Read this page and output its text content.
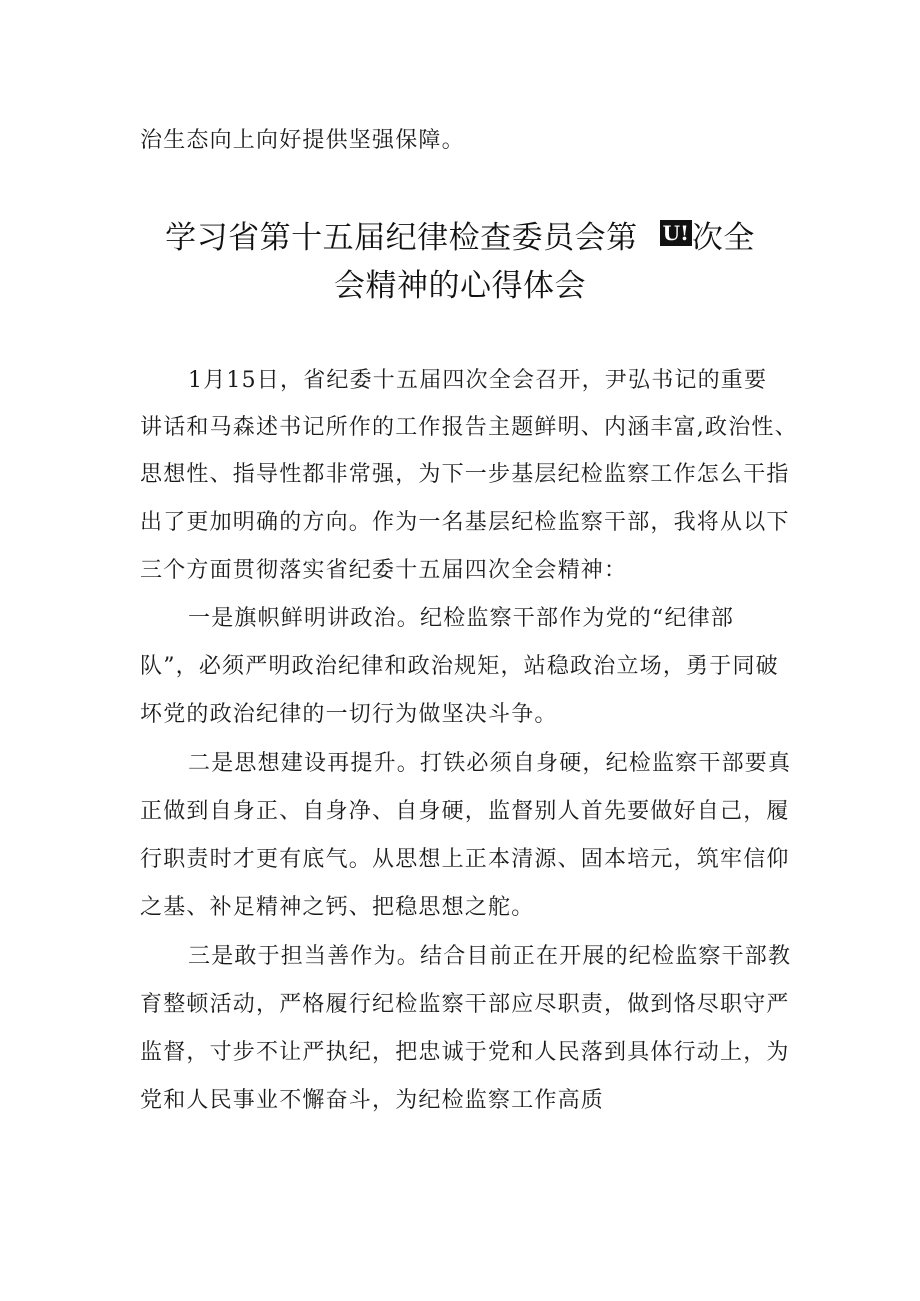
治生态向上向好提供坚强保障。
学习省第十五届纪律检查委员会第 U!次全
会精神的心得体会
1月15日，省纪委十五届四次全会召开，尹弘书记的重要
讲话和马森述书记所作的工作报告主题鲜明、内涵丰富,政治性、
思想性、指导性都非常强，为下一步基层纪检监察工作怎么干指
出了更加明确的方向。作为一名基层纪检监察干部，我将从以下
三个方面贯彻落实省纪委十五届四次全会精神：
一是旗帜鲜明讲政治。纪检监察干部作为党的“纪律部
队”，必须严明政治纪律和政治规矩，站稳政治立场，勇于同破
坏党的政治纪律的一切行为做坚决斗争。
二是思想建设再提升。打铁必须自身硬，纪检监察干部要真
正做到自身正、自身净、自身硬，监督别人首先要做好自己，履
行职责时才更有底气。从思想上正本清源、固本培元，筑牢信仰
之基、补足精神之钙、把稳思想之舵。
三是敢于担当善作为。结合目前正在开展的纪检监察干部教
育整顿活动，严格履行纪检监察干部应尽职责，做到恪尽职守严
监督，寸步不让严执纪，把忠诚于党和人民落到具体行动上，为
党和人民事业不懈奋斗，为纪检监察工作高质
